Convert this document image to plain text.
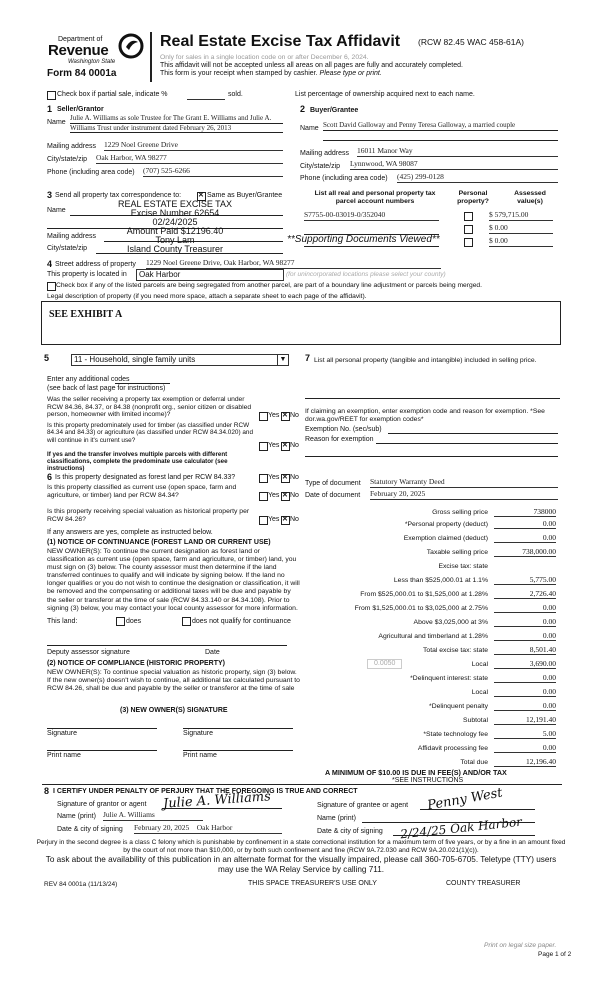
Department of
Revenue
Washington State
Form 84 0001a
Real Estate Excise Tax Affidavit (RCW 82.45 WAC 458-61A)
Only for sales in a single location code on or after December 6, 2024.
This affidavit will not be accepted unless all areas on all pages are fully and accurately completed.
This form is your receipt when stamped by cashier. Please type or print.
Check box if partial sale, indicate %	sold.	List percentage of ownership acquired next to each name.
1 Seller/Grantor
Name
Julie A. Williams as sole Trustee for The Grant E. Williams and Julie A. Williams Trust under instrument dated February 26, 2013
Mailing address 1229 Noel Greene Drive
City/state/zip Oak Harbor, WA 98277
Phone (including area code) (707) 525-6266
2 Buyer/Grantee
Name Scott David Galloway and Penny Teresa Galloway, a married couple
Mailing address 16011 Manor Way
City/state/zip Lynnwood, WA 98087
Phone (including area code) (425) 299-0128
3 Send all property tax correspondence to: ✕	Same as Buyer/Grantee
Name
Mailing address
City/state/zip
REAL ESTATE EXCISE TAX
Excise Number 62654
02/24/2025
Amount Paid $12196.40
Tony Lam
Island County Treasurer
**Supporting Documents Viewed**
List all real and personal property tax
parcel account numbers
Personal
property?
Assessed
value(s)
S7755-00-03019-0/352040	$ 579,715.00
$ 0.00
$ 0.00
4 Street address of property 1229 Noel Greene Drive, Oak Harbor, WA 98277
This property is located in	Oak Harbor	(for unincorporated locations please select your county)
Check box if any of the listed parcels are being segregated from another parcel, are part of a boundary line adjustment or parcels being merged.
Legal description of property (if you need more space, attach a separate sheet to each page of the affidavit).
SEE EXHIBIT A
5	11 - Household, single family units	▼
Enter any additional codes
(see back of last page for instructions)
Was the seller receiving a property tax exemption or deferral under RCW 84.36, 84.37, or 84.38 (nonprofit org., senior citizen or disabled person, homeowner with limited income)?	Yes ✕ No
Is this property predominately used for timber (as classified under RCW 84.34 and 84.33) or agriculture (as classified under RCW 84.34.020) and will continue in it's current use?
If yes and the transfer involves multiple parcels with different classifications, complete the predominate use calculator (see instructions)
Yes ✕ No
7 List all personal property (tangible and intangible) included in selling price.
If claiming an exemption, enter exemption code and reason for exemption. *See dor.wa.gov/REET for exemption codes*
Exemption No. (sec/sub)
Reason for exemption
Type of document Statutory Warranty Deed
Date of document February 20, 2025
Gross selling price	738000
*Personal property (deduct)	0.00
Exemption claimed (deduct)	0.00
Taxable selling price	738,000.00
Excise tax: state
Less than $525,000.01 at 1.1%	5,775.00
From $525,000.01 to $1,525,000 at 1.28%	2,726.40
From $1,525,000.01 to $3,025,000 at 2.75%	0.00
Above $3,025,000 at 3%	0.00
Agricultural and timberland at 1.28%	0.00
Total excise tax: state	8,501.40
0.0050	Local	3,690.00
*Delinquent interest: state	0.00
Local	0.00
*Delinquent penalty	0.00
Subtotal	12,191.40
*State technology fee	5.00
Affidavit processing fee	0.00
Total due	12,196.40
A MINIMUM OF $10.00 IS DUE IN FEE(S) AND/OR TAX
*SEE INSTRUCTIONS
6 Is this property designated as forest land per RCW 84.33?	Yes ✕ No
Is this property classified as current use (open space, farm and agriculture, or timber) land per RCW 84.34?	Yes ✕ No
Is this property receiving special valuation as historical property per RCW 84.26?	Yes ✕ No
If any answers are yes, complete as instructed below.
(1) NOTICE OF CONTINUANCE (FOREST LAND OR CURRENT USE)
NEW OWNER(S): To continue the current designation as forest land or classification as current use (open space, farm and agriculture, or timber) land, you must sign on (3) below. The county assessor must then determine if the land transferred continues to qualify and will indicate by signing below. If the land no longer qualifies or you do not wish to continue the designation or classification, it will be removed and the compensating or additional taxes will be due and payable by the seller or transferor at the time of sale (RCW 84.33.140 or 84.34.108). Prior to signing (3) below, you may contact your local county assessor for more information.
This land:	does	does not qualify for continuance
Deputy assessor signature	Date
(2) NOTICE OF COMPLIANCE (HISTORIC PROPERTY)
NEW OWNER(S): To continue special valuation as historic property, sign (3) below. If the new owner(s) doesn't wish to continue, all additional tax calculated pursuant to RCW 84.26, shall be due and payable by the seller or transferor at the time of sale
(3) NEW OWNER(S) SIGNATURE
Signature	Signature
Print name	Print name
8 I CERTIFY UNDER PENALTY OF PERJURY THAT THE FOREGOING IS TRUE AND CORRECT
Signature of grantor or agent Julie A. Williams
Name (print) Julie A. Williams
Date & city of signing February 20, 2025 Oak Harbor
Signature of grantee or agent Penny West
Name (print)
Date & city of signing 2/24/25 Oak Harbor
Perjury in the second degree is a class C felony which is punishable by confinement in a state correctional institution for a maximum term of five years, or by a fine in an amount fixed by the court of not more than $10,000, or by both such confinement and fine (RCW 9A.72.030 and RCW 9A.20.021(1)(c)).
To ask about the availability of this publication in an alternate format for the visually impaired, please call 360-705-6705. Teletype (TTY) users may use the WA Relay Service by calling 711.
REV 84 0001a (11/13/24)	THIS SPACE TREASURER'S USE ONLY	COUNTY TREASURER
Print on legal size paper.
Page 1 of 2
